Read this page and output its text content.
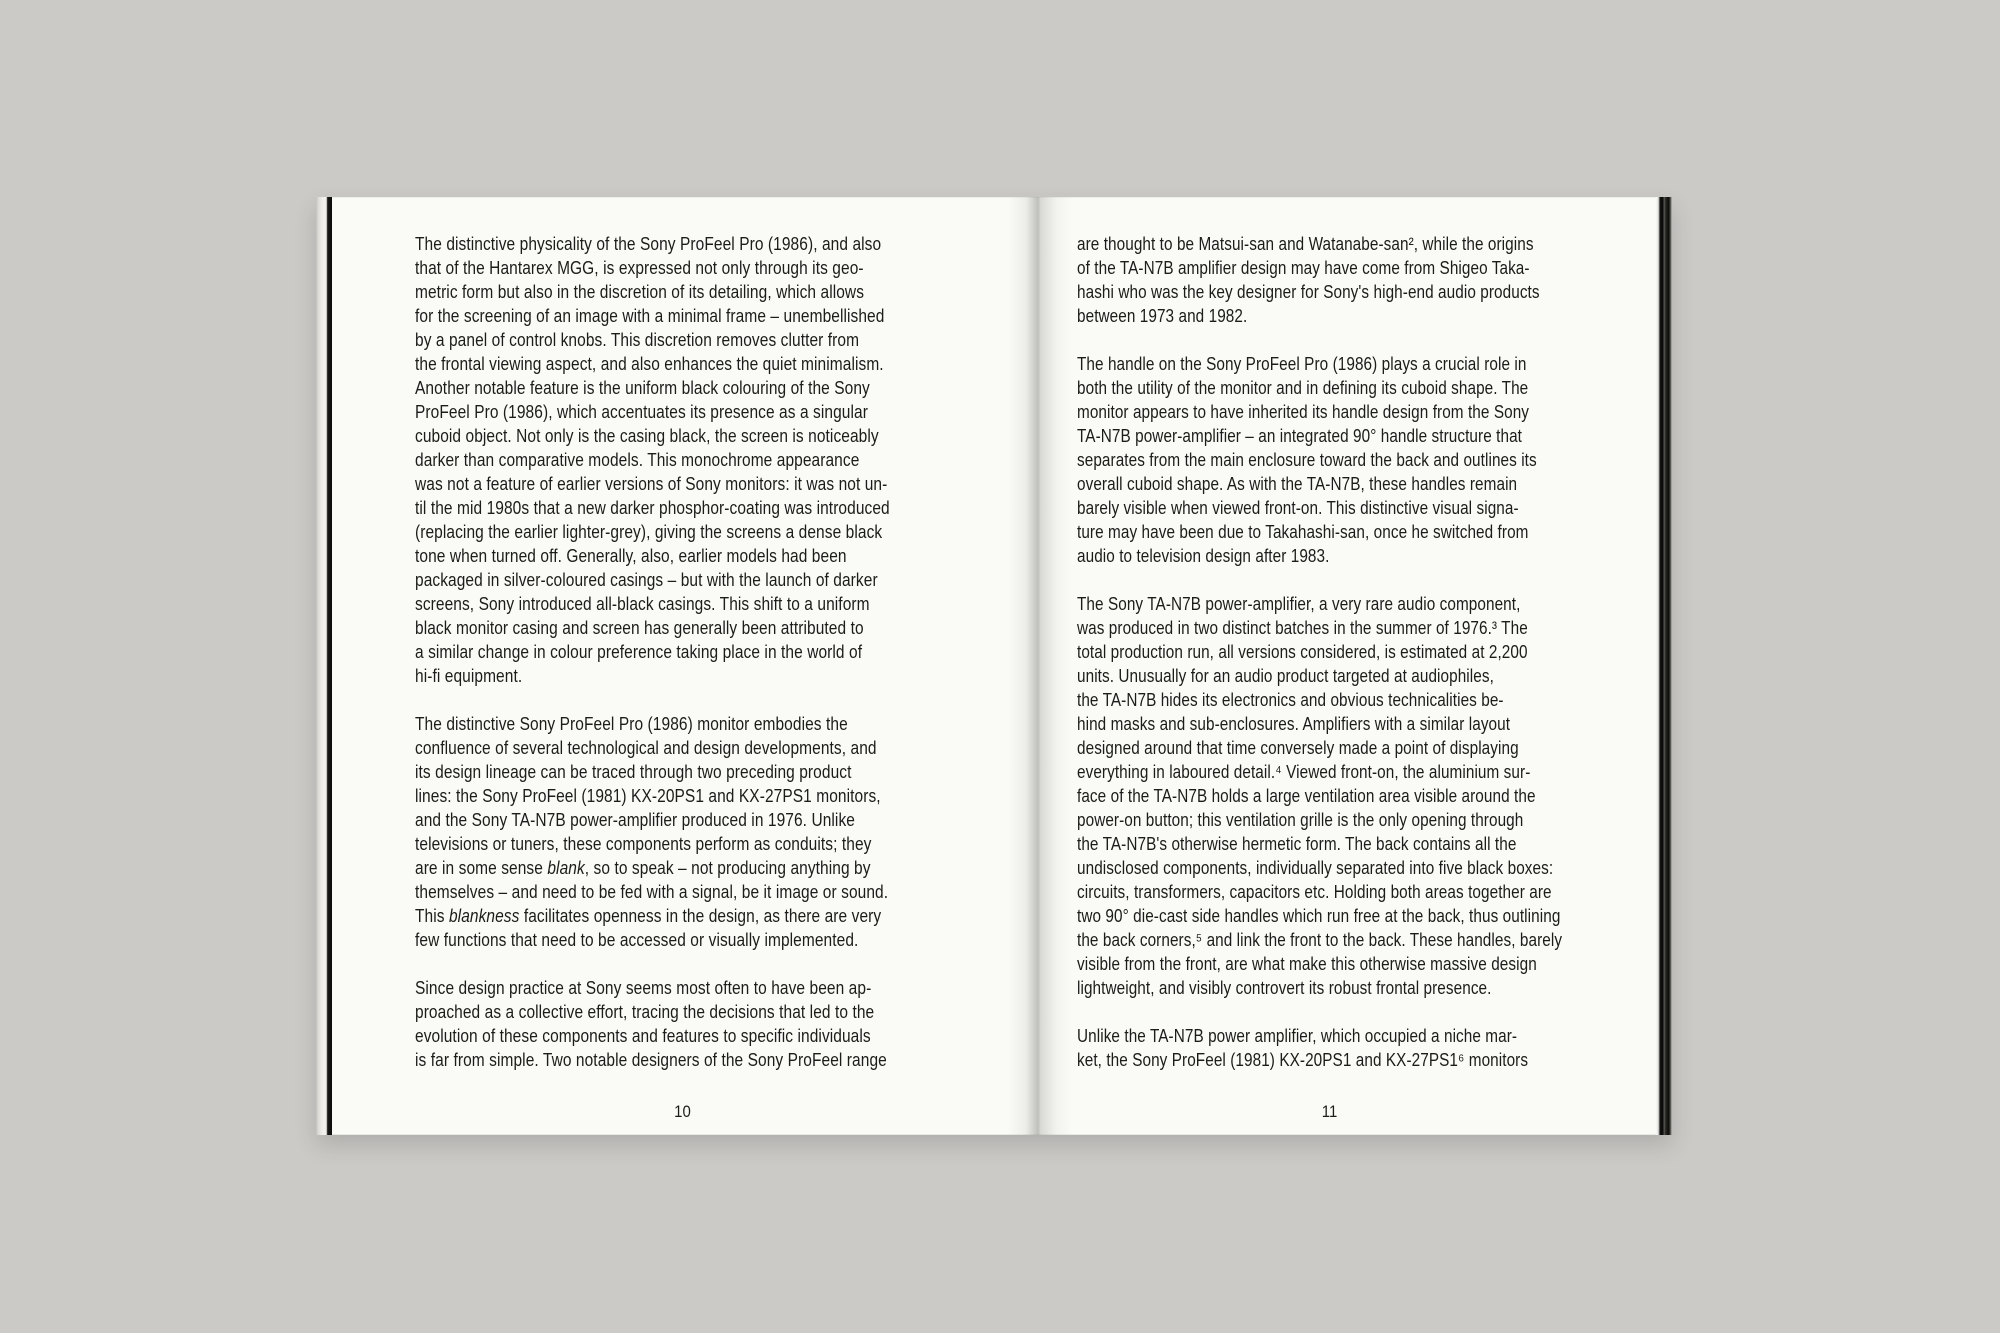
The distinctive physicality of the Sony ProFeel Pro (1986), and also
that of the Hantarex MGG, is expressed not only through its geo-
metric form but also in the discretion of its detailing, which allows
for the screening of an image with a minimal frame – unembellished
by a panel of control knobs. This discretion removes clutter from
the frontal viewing aspect, and also enhances the quiet minimalism.
Another notable feature is the uniform black colouring of the Sony
ProFeel Pro (1986), which accentuates its presence as a singular
cuboid object. Not only is the casing black, the screen is noticeably
darker than comparative models. This monochrome appearance
was not a feature of earlier versions of Sony monitors: it was not un-
til the mid 1980s that a new darker phosphor-coating was introduced
(replacing the earlier lighter-grey), giving the screens a dense black
tone when turned off. Generally, also, earlier models had been
packaged in silver-coloured casings – but with the launch of darker
screens, Sony introduced all-black casings. This shift to a uniform
black monitor casing and screen has generally been attributed to
a similar change in colour preference taking place in the world of
hi-fi equipment.
The distinctive Sony ProFeel Pro (1986) monitor embodies the
confluence of several technological and design developments, and
its design lineage can be traced through two preceding product
lines: the Sony ProFeel (1981) KX-20PS1 and KX-27PS1 monitors,
and the Sony TA-N7B power-amplifier produced in 1976. Unlike
televisions or tuners, these components perform as conduits; they
are in some sense blank, so to speak – not producing anything by
themselves – and need to be fed with a signal, be it image or sound.
This blankness facilitates openness in the design, as there are very
few functions that need to be accessed or visually implemented.
Since design practice at Sony seems most often to have been ap-
proached as a collective effort, tracing the decisions that led to the
evolution of these components and features to specific individuals
is far from simple. Two notable designers of the Sony ProFeel range
10
are thought to be Matsui-san and Watanabe-san², while the origins
of the TA-N7B amplifier design may have come from Shigeo Taka-
hashi who was the key designer for Sony's high-end audio products
between 1973 and 1982.
The handle on the Sony ProFeel Pro (1986) plays a crucial role in
both the utility of the monitor and in defining its cuboid shape. The
monitor appears to have inherited its handle design from the Sony
TA-N7B power-amplifier – an integrated 90° handle structure that
separates from the main enclosure toward the back and outlines its
overall cuboid shape. As with the TA-N7B, these handles remain
barely visible when viewed front-on. This distinctive visual signa-
ture may have been due to Takahashi-san, once he switched from
audio to television design after 1983.
The Sony TA-N7B power-amplifier, a very rare audio component,
was produced in two distinct batches in the summer of 1976.³ The
total production run, all versions considered, is estimated at 2,200
units. Unusually for an audio product targeted at audiophiles,
the TA-N7B hides its electronics and obvious technicalities be-
hind masks and sub-enclosures. Amplifiers with a similar layout
designed around that time conversely made a point of displaying
everything in laboured detail.⁴ Viewed front-on, the aluminium sur-
face of the TA-N7B holds a large ventilation area visible around the
power-on button; this ventilation grille is the only opening through
the TA-N7B's otherwise hermetic form. The back contains all the
undisclosed components, individually separated into five black boxes:
circuits, transformers, capacitors etc. Holding both areas together are
two 90° die-cast side handles which run free at the back, thus outlining
the back corners,⁵ and link the front to the back. These handles, barely
visible from the front, are what make this otherwise massive design
lightweight, and visibly controvert its robust frontal presence.
Unlike the TA-N7B power amplifier, which occupied a niche mar-
ket, the Sony ProFeel (1981) KX-20PS1 and KX-27PS1⁶ monitors
11
